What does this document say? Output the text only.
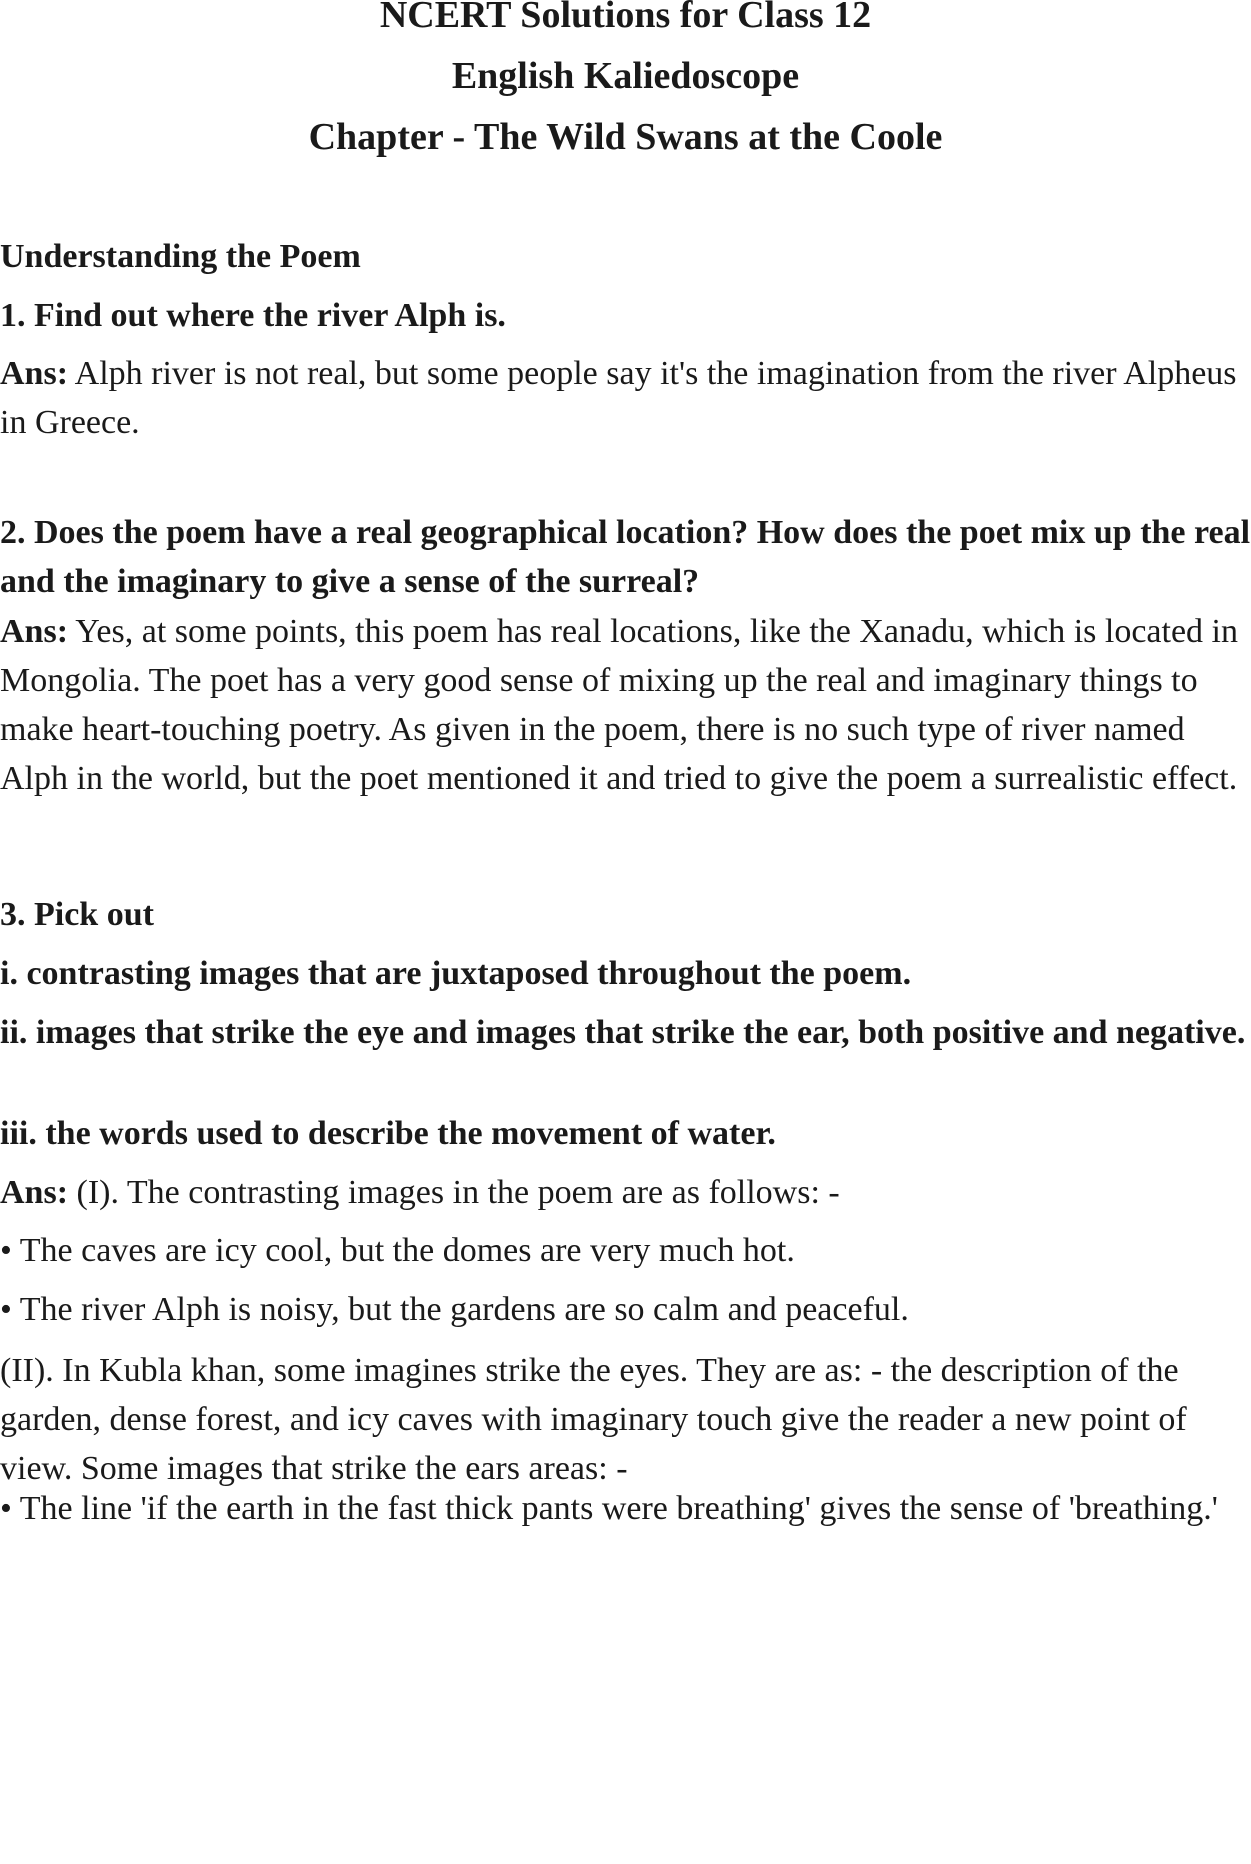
NCERT Solutions for Class 12
English Kaliedoscope
Chapter - The Wild Swans at the Coole
Understanding the Poem
1. Find out where the river Alph is.
Ans: Alph river is not real, but some people say it's the imagination from the river Alpheus in Greece.
2. Does the poem have a real geographical location? How does the poet mix up the real and the imaginary to give a sense of the surreal?
Ans: Yes, at some points, this poem has real locations, like the Xanadu, which is located in Mongolia. The poet has a very good sense of mixing up the real and imaginary things to make heart-touching poetry. As given in the poem, there is no such type of river named Alph in the world, but the poet mentioned it and tried to give the poem a surrealistic effect.
3. Pick out
i. contrasting images that are juxtaposed throughout the poem.
ii. images that strike the eye and images that strike the ear, both positive and negative.
iii. the words used to describe the movement of water.
Ans: (I). The contrasting images in the poem are as follows: -
• The caves are icy cool, but the domes are very much hot.
• The river Alph is noisy, but the gardens are so calm and peaceful.
(II). In Kubla khan, some imagines strike the eyes. They are as: - the description of the garden, dense forest, and icy caves with imaginary touch give the reader a new point of view. Some images that strike the ears areas: -
• The line 'if the earth in the fast thick pants were breathing' gives the sense of 'breathing.'
